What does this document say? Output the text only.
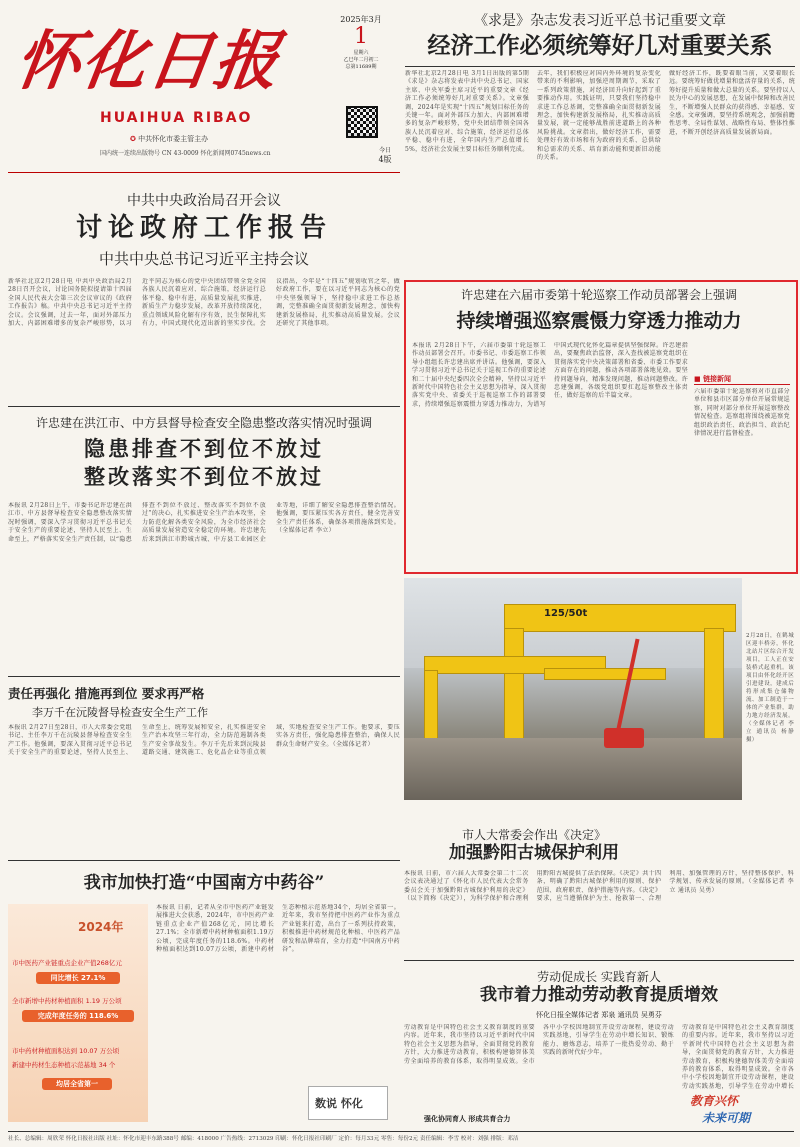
怀化日报
HUAIHUA RIBAO
✪ 中共怀化市委主管主办
国内统一连续出版物号 CN 43-0009 怀化新闻网0745news.cn
2025年3月
1
星期六
乙巳年二月初二
总第11689期
今日
4版
《求是》杂志发表习近平总书记重要文章
经济工作必须统筹好几对重要关系
新华社北京2月28日电 3月1日出版的第5期《求是》杂志将发表中共中央总书记、国家主席、中央军委主席习近平的重要文章《经济工作必须统筹好几对重要关系》。文章强调，2024年是实现“十四五”规划目标任务的关键一年。面对外部压力加大、内部困难增多的复杂严峻形势，党中央团结带领全国各族人民沉着应对、综合施策，经济运行总体平稳、稳中有进，全年国内生产总值增长5%，经济社会发展主要目标任务顺利完成。
去年，我们积极应对国内外环境的复杂变化带来的不利影响，加强逆周期调节，采取了一系列政策措施，对经济回升向好起到了重要推动作用。实践证明，只要我们坚持稳中求进工作总基调，完整准确全面贯彻新发展理念，加快构建新发展格局，扎实推动高质量发展，就一定能够战胜前进道路上的各种风险挑战。文章指出，做好经济工作，需要处理好有效市场和有为政府的关系、总供给和总需求的关系、培育新动能和更新旧动能的关系。
做好经济工作，既要着眼当前，又要着眼长远。要统筹好做优增量和盘活存量的关系，统筹好提升质量和做大总量的关系。要坚持以人民为中心的发展思想，在发展中保障和改善民生，不断增强人民群众的获得感、幸福感、安全感。文章强调，要坚持系统观念，加强前瞻性思考、全局性谋划、战略性布局、整体性推进，不断开创经济高质量发展新局面。
中共中央政治局召开会议
讨论政府工作报告
中共中央总书记习近平主持会议
新华社北京2月28日电 中共中央政治局2月28日召开会议，讨论国务院拟提请第十四届全国人民代表大会第三次会议审议的《政府工作报告》稿。中共中央总书记习近平主持会议。会议强调，过去一年，面对外部压力加大、内部困难增多的复杂严峻形势，以习近平同志为核心的党中央团结带领全党全国各族人民沉着应对、综合施策，经济运行总体平稳、稳中有进，高质量发展扎实推进，新质生产力稳步发展，改革开放持续深化，重点领域风险化解有序有效，民生保障扎实有力，中国式现代化迈出新的坚实步伐。会议指出，今年是“十四五”规划收官之年，做好政府工作，要在以习近平同志为核心的党中央坚强领导下，坚持稳中求进工作总基调，完整准确全面贯彻新发展理念，加快构建新发展格局，扎实推动高质量发展。会议还研究了其他事项。
许忠建在六届市委第十轮巡察工作动员部署会上强调
持续增强巡察震慑力穿透力推动力
本报讯 2月28日下午，六届市委第十轮巡察工作动员部署会召开。市委书记、市委巡察工作领导小组组长许忠建出席并讲话。他强调，要深入学习贯彻习近平总书记关于巡视工作的重要论述和二十届中央纪委四次全会精神，坚持以习近平新时代中国特色社会主义思想为指导，深入贯彻落实党中央、省委关于巡视巡察工作的部署要求，持续增强巡察震慑力穿透力推动力，为谱写中国式现代化怀化篇章提供坚强保障。许忠建指出，要聚焦政治监督，深入查找被巡察党组织在贯彻落实党中央决策部署和省委、市委工作要求方面存在的问题，推动各项部署落地见效。要坚持问题导向，精准发现问题，推动问题整改。许忠建强调，各级党组织要扛起巡察整改主体责任，做好巡察的后半篇文章。
■ 链接新闻
六届市委第十轮巡察将对市直部分单位和县市区部分单位开展常规巡察，同时对部分单位开展巡察整改情况检查。巡察组将围绕被巡察党组织政治责任、政治担当、政治纪律情况进行监督检查。
许忠建在洪江市、中方县督导检查安全隐患整改落实情况时强调
隐患排查不到位不放过
整改落实不到位不放过
本报讯 2月28日上午，市委书记许忠建在洪江市、中方县督导检查安全隐患整改落实情况时强调，要深入学习贯彻习近平总书记关于安全生产的重要论述，坚持人民至上、生命至上，严格落实安全生产责任制，以“隐患排查不到位不放过、整改落实不到位不放过”的决心，扎实推进安全生产治本攻坚，全力防范化解各类安全风险，为全市经济社会高质量发展营造安全稳定的环境。许忠建先后来到洪江市黔城古城、中方县工业园区企业等地，详细了解安全隐患排查整治情况。他强调，要压紧压实各方责任，健全完善安全生产责任体系，确保各项措施落到实处。（全媒体记者 李立）
125/50t
2月28日，在鹤城区迎丰桥旁，怀化北站片区综合开发项目，工人正在安装桥式起重机。该项目由怀化经开区引进建设，建成后将形成集仓储物流、加工制造于一体的产业集群，助力地方经济发展。（全媒体记者 李立 通讯员 杨静 摄）
责任再强化 措施再到位 要求再严格
李万千在沅陵督导检查安全生产工作
本报讯 2月27日至28日，市人大常委会党组书记、主任李万千在沅陵县督导检查安全生产工作。他强调，要深入贯彻习近平总书记关于安全生产的重要论述，坚持人民至上、生命至上，统筹发展和安全，扎实推进安全生产治本攻坚三年行动，全力防范遏制各类生产安全事故发生。李万千先后来到沅陵县道路交通、建筑施工、危化品企业等重点领域，实地检查安全生产工作。他要求，要压实各方责任，强化隐患排查整治，确保人民群众生命财产安全。（全媒体记者）
市人大常委会作出《决定》
加强黔阳古城保护利用
本报讯 日前，市六届人大常委会第二十二次会议表决通过了《怀化市人民代表大会常务委员会关于加强黔阳古城保护利用的决定》（以下简称《决定》），为科学保护和合理利用黔阳古城提供了法治保障。《决定》共十四条，明确了黔阳古城保护利用的原则、保护范围、政府职责、保护措施等内容。《决定》要求，应当遵循保护为主、抢救第一、合理利用、加强管理的方针，坚持整体保护、科学规划、传承发展的原则。（全媒体记者 李立 通讯员 吴勇）
我市加快打造“中国南方中药谷”
2024年
市中医药产业链重点企业产值268亿元
同比增长 27.1%
全市新增中药材种植面积 1.19 万公顷
完成年度任务的 118.6%
市中药材种植面积达到 10.07 万公顷
新建中药材生态种植示范基地 34 个
均居全省第一
本报讯 日前，记者从全市中医药产业链发展推进大会获悉，2024年，市中医药产业链重点企业产值268亿元，同比增长27.1%；全市新增中药材种植面积1.19万公顷，完成年度任务的118.6%。中药材种植面积达到10.07万公顷，新建中药材生态种植示范基地34个，均居全省第一。近年来，我市坚持把中医药产业作为重点产业链来打造，出台了一系列扶持政策，积极推进中药材规范化种植、中医药产品研发和品牌培育，全力打造“中国南方中药谷”。
数说 怀化
劳动促成长 实践育新人
我市着力推动劳动教育提质增效
怀化日报全媒体记者 郑泉 通讯员 吴勇芬
劳动教育是中国特色社会主义教育制度的重要内容。近年来，我市坚持以习近平新时代中国特色社会主义思想为指导，全面贯彻党的教育方针，大力推进劳动教育，积极构建德智体美劳全面培养的教育体系，取得明显成效。全市各中小学校因地制宜开设劳动课程，建设劳动实践基地，引导学生在劳动中增长知识、锻炼能力、磨炼意志，培养了一批热爱劳动、勤于实践的新时代好少年。
强化协同育人 形成共育合力
劳动教育是中国特色社会主义教育制度的重要内容。近年来，我市坚持以习近平新时代中国特色社会主义思想为指导，全面贯彻党的教育方针，大力推进劳动教育，积极构建德智体美劳全面培养的教育体系，取得明显成效。全市各中小学校因地制宜开设劳动课程，建设劳动实践基地，引导学生在劳动中增长
教育兴怀
未来可期
社长、总编辑：周欣荣 怀化日报社出版 社址：怀化市迎丰东路388号 邮编：418000 广告热线：2713029 印刷：怀化日报社印刷厂 定价：每月33元 零售：每份2元 责任编辑：李雪 校对：刘强 排版：邓洁
